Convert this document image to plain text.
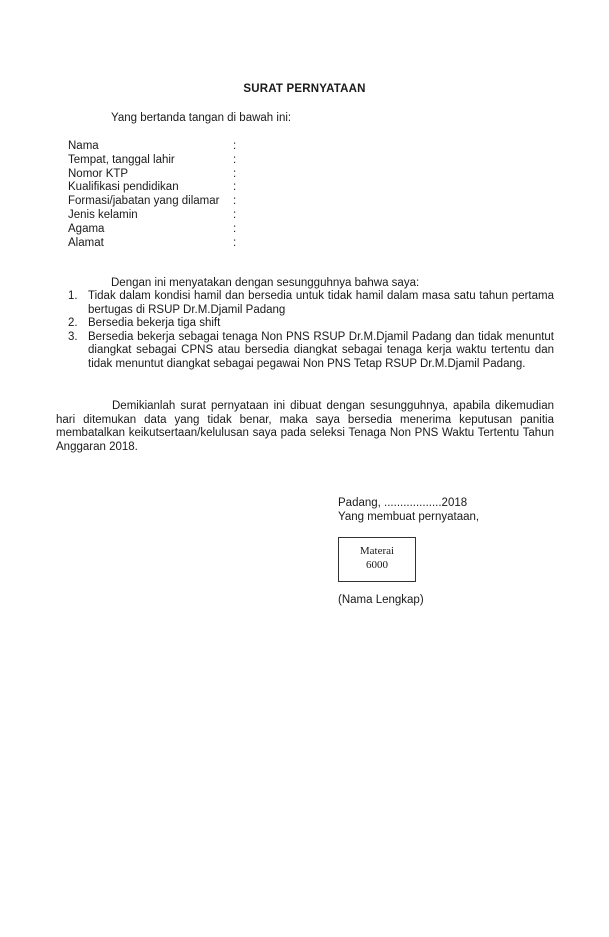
SURAT PERNYATAAN

Yang bertanda tangan di bawah ini:

Nama	:
Tempat, tanggal lahir	:
Nomor KTP	:
Kualifikasi pendidikan	:
Formasi/jabatan yang dilamar	:
Jenis kelamin	:
Agama	:
Alamat	:

Dengan ini menyatakan dengan sesungguhnya bahwa saya:

1. Tidak dalam kondisi hamil dan bersedia untuk tidak hamil dalam masa satu tahun pertama bertugas di RSUP Dr.M.Djamil Padang
2. Bersedia bekerja tiga shift
3. Bersedia bekerja sebagai tenaga Non PNS RSUP Dr.M.Djamil Padang dan tidak menuntut diangkat sebagai CPNS atau bersedia diangkat sebagai tenaga kerja waktu tertentu dan tidak menuntut diangkat sebagai pegawai Non PNS Tetap RSUP Dr.M.Djamil Padang.

Demikianlah surat pernyataan ini dibuat dengan sesungguhnya, apabila dikemudian hari ditemukan data yang tidak benar, maka saya bersedia menerima keputusan panitia membatalkan keikutsertaan/kelulusan saya pada seleksi Tenaga Non PNS Waktu Tertentu Tahun Anggaran 2018.

Padang, ..................2018
Yang membuat pernyataan,
Materai
6000

(Nama Lengkap)
